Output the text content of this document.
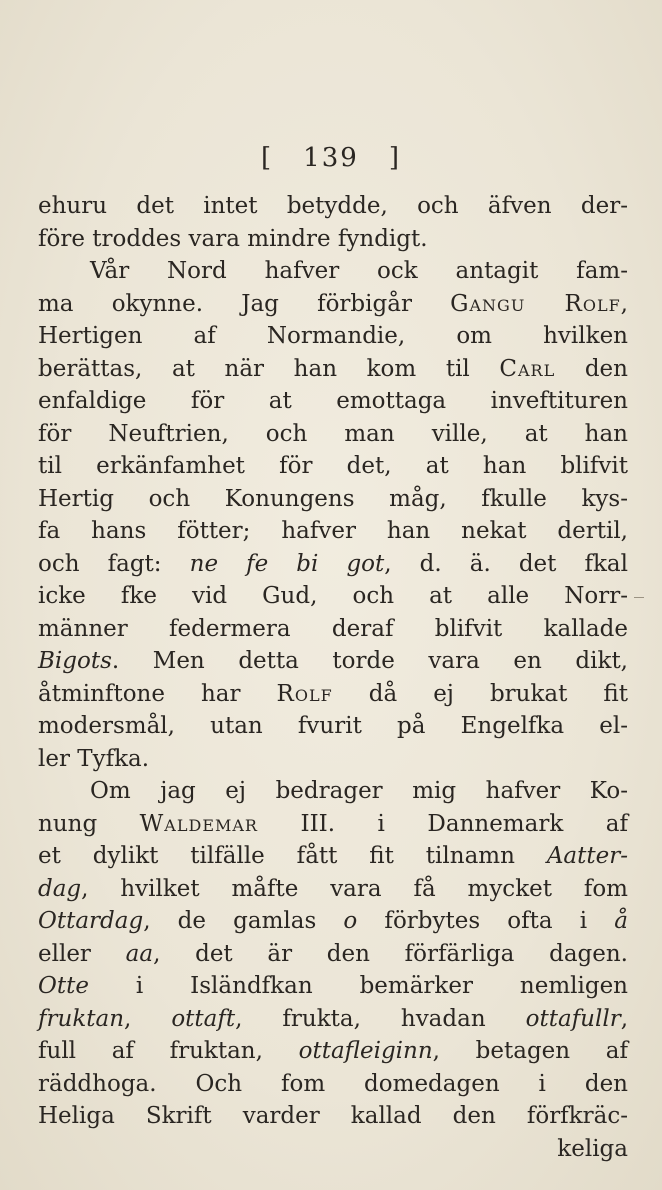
[ 139 ]
ehuru det intet betydde, och äfven der-
före troddes vara mindre fyndigt.
Vår Nord hafver ock antagit fam-
ma okynne. Jag förbigår Gangu Rolf,
Hertigen af Normandie, om hvilken
berättas, at när han kom til Carl den
enfaldige för at emottaga inveftituren
för Neuftrien, och man ville, at han
til erkänfamhet för det, at han blifvit
Hertig och Konungens måg, fkulle kys-
fa hans fötter; hafver han nekat dertil,
och fagt: ne fe bi got, d. ä. det fkal
icke fke vid Gud, och at alle Norr-
männer federmera deraf blifvit kallade
Bigots. Men detta torde vara en dikt,
åtminftone har Rolf då ej brukat fit
modersmål, utan fvurit på Engelfka el-
ler Tyfka.
Om jag ej bedrager mig hafver Ko-
nung Waldemar III. i Dannemark af
et dylikt tilfälle fått fit tilnamn Aatter-
dag, hvilket måfte vara få mycket fom
Ottardag, de gamlas o förbytes ofta i å
eller aa, det är den förfärliga dagen.
Otte i Isländfkan bemärker nemligen
fruktan, ottaft, frukta, hvadan ottafullr,
full af fruktan, ottafleiginn, betagen af
räddhoga. Och fom domedagen i den
Heliga Skrift varder kallad den förfkräc-
keliga
